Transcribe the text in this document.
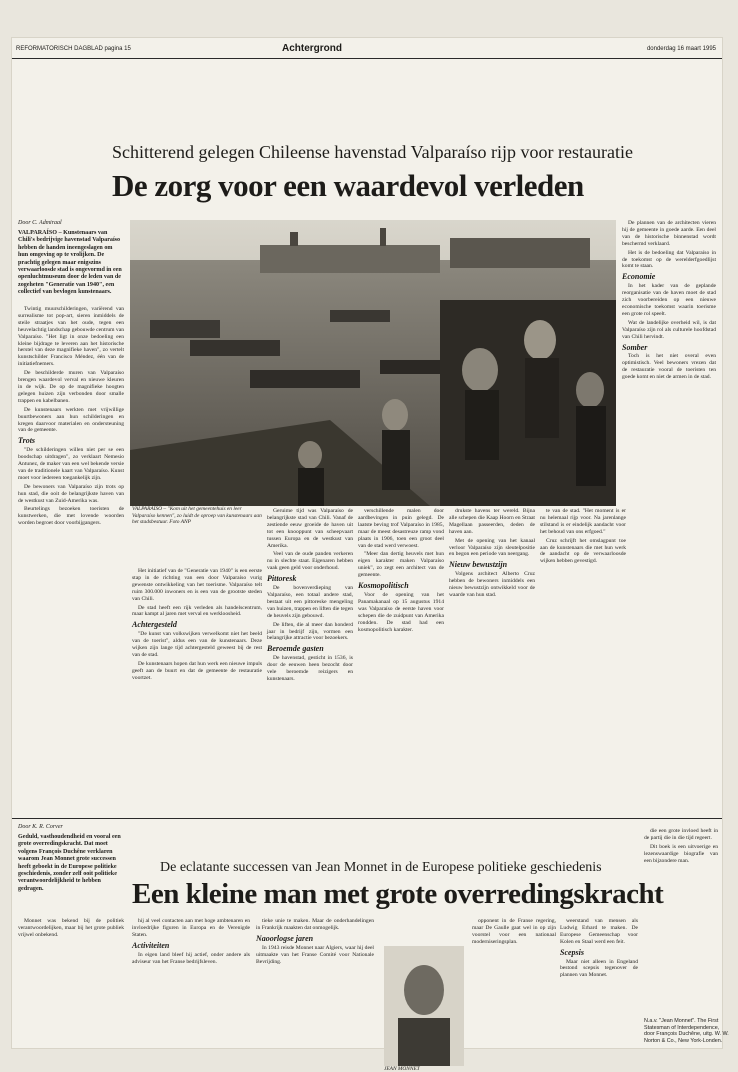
REFORMATORISCH DAGBLAD pagina 15	Achtergrond	donderdag 16 maart 1995
Schitterend gelegen Chileense havenstad Valparaíso rijp voor restauratie
De zorg voor een waardevol verleden
Door C. Admiraal
VALPARAÍSO – Kunstenaars van Chili's bedrijvige havenstad Valparaíso hebben de handen ineengeslagen om hun omgeving op te vrolijken. De prachtig gelegen maar enigszins verwaarloosde stad is ongevormd in een openluchtmuseum door de leden van de zogeheten "Generatie van 1940", een collectief van bevlogen kunstenaars.

Twintig muurschilderingen, variërend van surrealisme tot pop-art, sieren inmiddels de steile straatjes van het oude, tegen een heuvelachtig landschap gebouwde centrum van Valparaíso. "Het ligt in onze bedoeling een kleine bijdrage te leveren aan het historische herstel van deze magnifieke haven", zo vertelt kunstschilder Francisco Méndez, één van de initiatiefnemers.

De beschilderde muren van Valparaíso brengen waardevol verval en nieuwe kleuren in de wijk. De op de magnifieke hoogten gelegen huizen zijn verbonden door smalle trappen en kabelbanen.

De kunstenaars werkten met vrijwillige buurtbewoners aan hun schilderingen en kregen daarvoor materialen en ondersteuning van de gemeente.

Trots

"De schilderingen willen niet per se een boodschap uitdragen", zo verklaart Nemesio Antunez, de maker van een wel bekende versie van de traditionele kaart van Valparaíso. Kunst moet voor iedereen toegankelijk zijn.

De bewoners van Valparaíso zijn trots op hun stad, die ooit de belangrijkste haven van de westkust van Zuid-Amerika was.

Beurtelings bezoeken toeristen de kunstwerken, die met lovende woorden worden begroet door voorbijgangers.

VALPARAÍSO – "Kom uit het gemeentehuis en leer Valparaíso kennen", zo luidt de oproep van kunstenaars aan het stadsbestuur. Foto ANP

Geruime tijd was Valparaíso de belangrijkste stad van Chili. Vanaf de zestiende eeuw groeide de haven uit tot een knooppunt van scheepvaart tussen Europa en de westkust van Amerika.

Veel van de oude panden verkeren nu in slechte staat. Eigenaren hebben vaak geen geld voor onderhoud.

Pittoresk

De bovenverdieping van Valparaíso, een totaal andere stad, bestaat uit een pittoreske mengeling van huizen, trappen en liften die tegen de heuvels zijn gebouwd.

De liften, die al meer dan honderd jaar in bedrijf zijn, vormen een belangrijke attractie voor bezoekers.

Beroemde gasten

De havenstad, gesticht in 1536, is door de eeuwen heen bezocht door vele beroemde reizigers en kunstenaars.

Het initiatief van de "Generatie van 1940" is een eerste stap in de richting van een door Valparaíso vurig gewenste ontwikkeling van het toerisme. Valparaíso telt ruim 300.000 inwoners en is een van de grootste steden van Chili.

De stad heeft een rijk verleden als handelscentrum, maar kampt al jaren met verval en werkloosheid.

Achtergesteld

"De kunst van volkswijken verwelkomt niet het beeld van de toerist", aldus een van de kunstenaars. Deze wijken zijn lange tijd achtergesteld geweest bij de rest van de stad.

De kunstenaars hopen dat hun werk een nieuwe impuls geeft aan de buurt en dat de gemeente de restauratie voortzet.

verschillende malen door aardbevingen in puin gelegd. De laatste beving trof Valparaíso in 1985, maar de meest desastreuze ramp vond plaats in 1906, toen een groot deel van de stad werd verwoest.

"Meer dan dertig heuvels met hun eigen karakter maken Valparaíso uniek", zo zegt een architect van de gemeente.

Kosmopolitisch

Voor de opening van het Panamakanaal op 15 augustus 1914 was Valparaíso de eerste haven voor schepen die de zuidpunt van Amerika rondden. De stad had een kosmopolitisch karakter.

drukste havens ter wereld. Bijna alle schepen die Kaap Hoorn en Straat Magellaan passeerden, deden de haven aan.

Met de opening van het kanaal verloor Valparaíso zijn sleutelpositie en begon een periode van neergang.

Nieuw bewustzijn

Volgens architect Alberto Cruz hebben de bewoners inmiddels een nieuw bewustzijn ontwikkeld voor de waarde van hun stad.

te van de stad. "Het moment is er nu helemaal rijp voor. Na jarenlange stilstand is er eindelijk aandacht voor het behoud van ons erfgoed."

Cruz schrijft het omslagpunt toe aan de kunstenaars die met hun werk de aandacht op de verwaarloosde wijken hebben gevestigd.

De plannen van de architecten vieren hij de gemeente in goede aarde. Een deel van de historische binnenstad wordt beschermd verklaard.

Het is de bedoeling dat Valparaíso in de toekomst op de werelderfgoedlijst komt te staan.

Economie

In het kader van de geplande reorganisatie van de haven moet de stad zich voorbereiden op een nieuwe economische toekomst waarin toerisme een grote rol speelt.

Wat de landelijke overheid wil, is dat Valparaíso zijn rol als culturele hoofdstad van Chili hervindt.

Somber

Toch is het niet overal even optimistisch. Veel bewoners vrezen dat de restauratie vooral de toeristen ten goede komt en niet de armen in de stad.

Door K. R. Corver
Geduld, vasthoudendheid en vooral een grote overredingskracht. Dat moet volgens François Duchêne verklaren waarom Jean Monnet grote successen heeft geboekt in de Europese politieke geschiedenis, zonder zelf ooit politieke verantwoordelijkheid te hebben gedragen.

Monnet was bekend bij de politiek verantwoordelijken, maar bij het grote publiek vrijwel onbekend.

De eclatante successen van Jean Monnet in de Europese politieke geschiedenis
Een kleine man met grote overredingskracht

hij al veel contacten aan met hoge ambtenaren en invloedrijke figuren in Europa en de Verenigde Staten.

Activiteiten

In eigen land bleef hij actief, onder andere als adviseur van het Franse bedrijfsleven.

tieke unie te maken. Maar de onderhandelingen in Frankrijk maakten dat onmogelijk.

Naoorlogse jaren

In 1943 reisde Monnet naar Algiers, waar hij deel uitmaakte van het Franse Comité voor Nationale Bevrijding.

JEAN MONNET

opponent in de Franse regering, maar De Gaulle gaat wel in op zijn voorstel voor een nationaal moderniseringsplan.

weerstand van mensen als Ludwig Erhard te maken. De Europese Gemeenschap voor Kolen en Staal werd een feit.

Scepsis

Maar niet alleen in Engeland bestond scepsis tegenover de plannen van Monnet.

die een grote invloed heeft in de partij die in die tijd regeert.

Dit boek is een uitvoerige en lezenswaardige biografie van een bijzondere man.

N.a.v. "Jean Monnet". The First Statesman of Interdependence, door François Duchêne, uitg. W. W. Norton & Co., New York-Londen.
